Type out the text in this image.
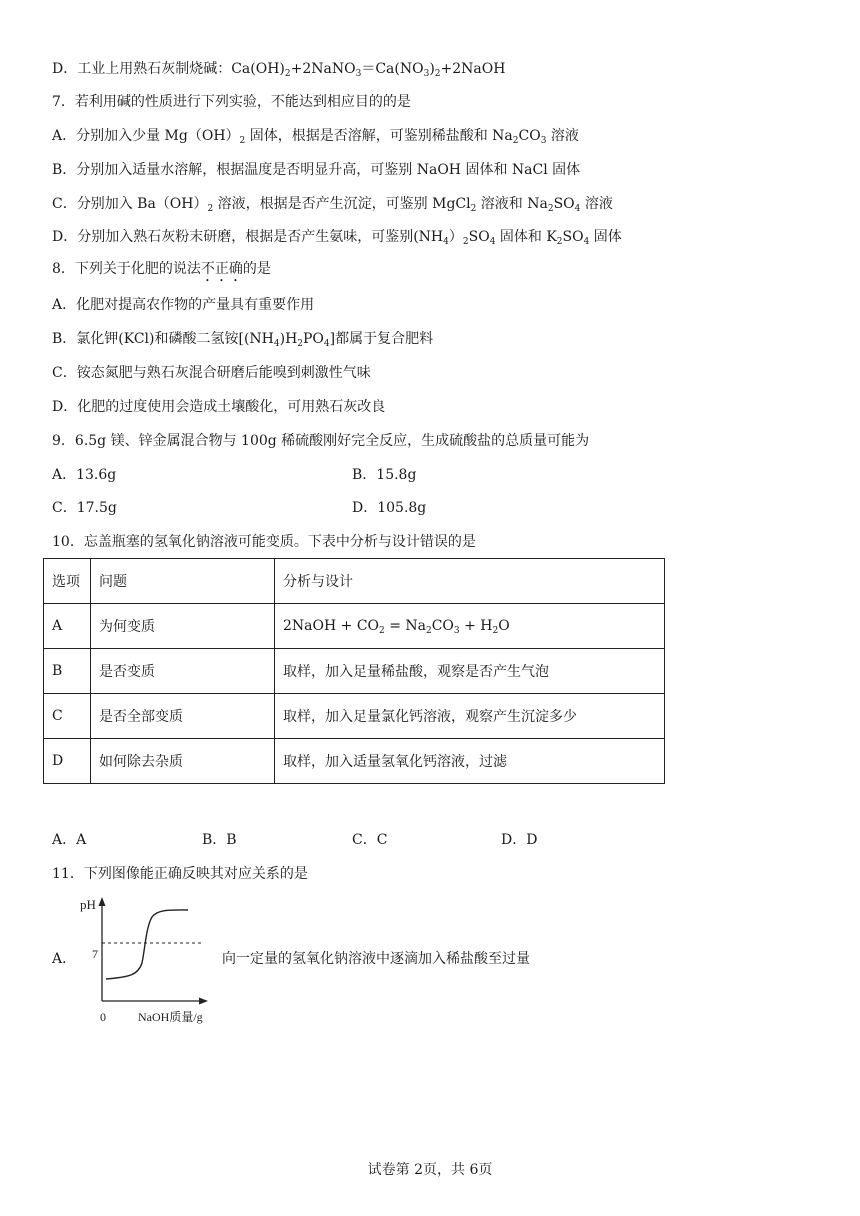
D．工业上用熟石灰制烧碱：$Ca(OH)_2+2NaNO_3=Ca(NO_3)_2+2NaOH$
7．若利用碱的性质进行下列实验，不能达到相应目的的是
A．分别加入少量 $Mg(OH)_2$ 固体，根据是否溶解，可鉴别稀盐酸和 $Na_2CO_3$ 溶液
B．分别加入适量水溶解，根据温度是否明显升高，可鉴别 NaOH 固体和 NaCl 固体
C．分别加入 $Ba(OH)_2$ 溶液，根据是否产生沉淀，可鉴别 MgCl$_2$ 溶液和 $Na_2SO_4$ 溶液
D．分别加入熟石灰粉末研磨，根据是否产生氨味，可鉴别$(NH_4)_2SO_4$ 固体和 $K_2SO_4$ 固体
8．下列关于化肥的说法不正确的是
A．化肥对提高农作物的产量具有重要作用
B．氯化钾(KCl)和磷酸二氢铵$[(NH_4)H_2PO_4]$都属于复合肥料
C．铵态氮肥与熟石灰混合研磨后能嗅到刺激性气味
D．化肥的过度使用会造成土壤酸化，可用熟石灰改良
9．6.5g 镁、锌金属混合物与 100g 稀硫酸刚好完全反应，生成硫酸盐的总质量可能为
A．13.6g	B．15.8g
C．17.5g	D．105.8g
10．忘盖瓶塞的氢氧化钠溶液可能变质。下表中分析与设计错误的是
选项	问题	分析与设计
A	为何变质	2NaOH + $CO_2 = Na_2CO_3 + H_2O$
B	是否变质	取样，加入足量稀盐酸，观察是否产生气泡
C	是否全部变质	取样，加入足量氯化钙溶液，观察产生沉淀多少
D	如何除去杂质	取样，加入适量氢氧化钙溶液，过滤
A．A	B．B	C．C	D．D
11．下列图像能正确反映其对应关系的是
A．
pH
7
0	NaOH质量/g
向一定量的氢氧化钠溶液中逐滴加入稀盐酸至过量
试卷第 2页，共 6页
